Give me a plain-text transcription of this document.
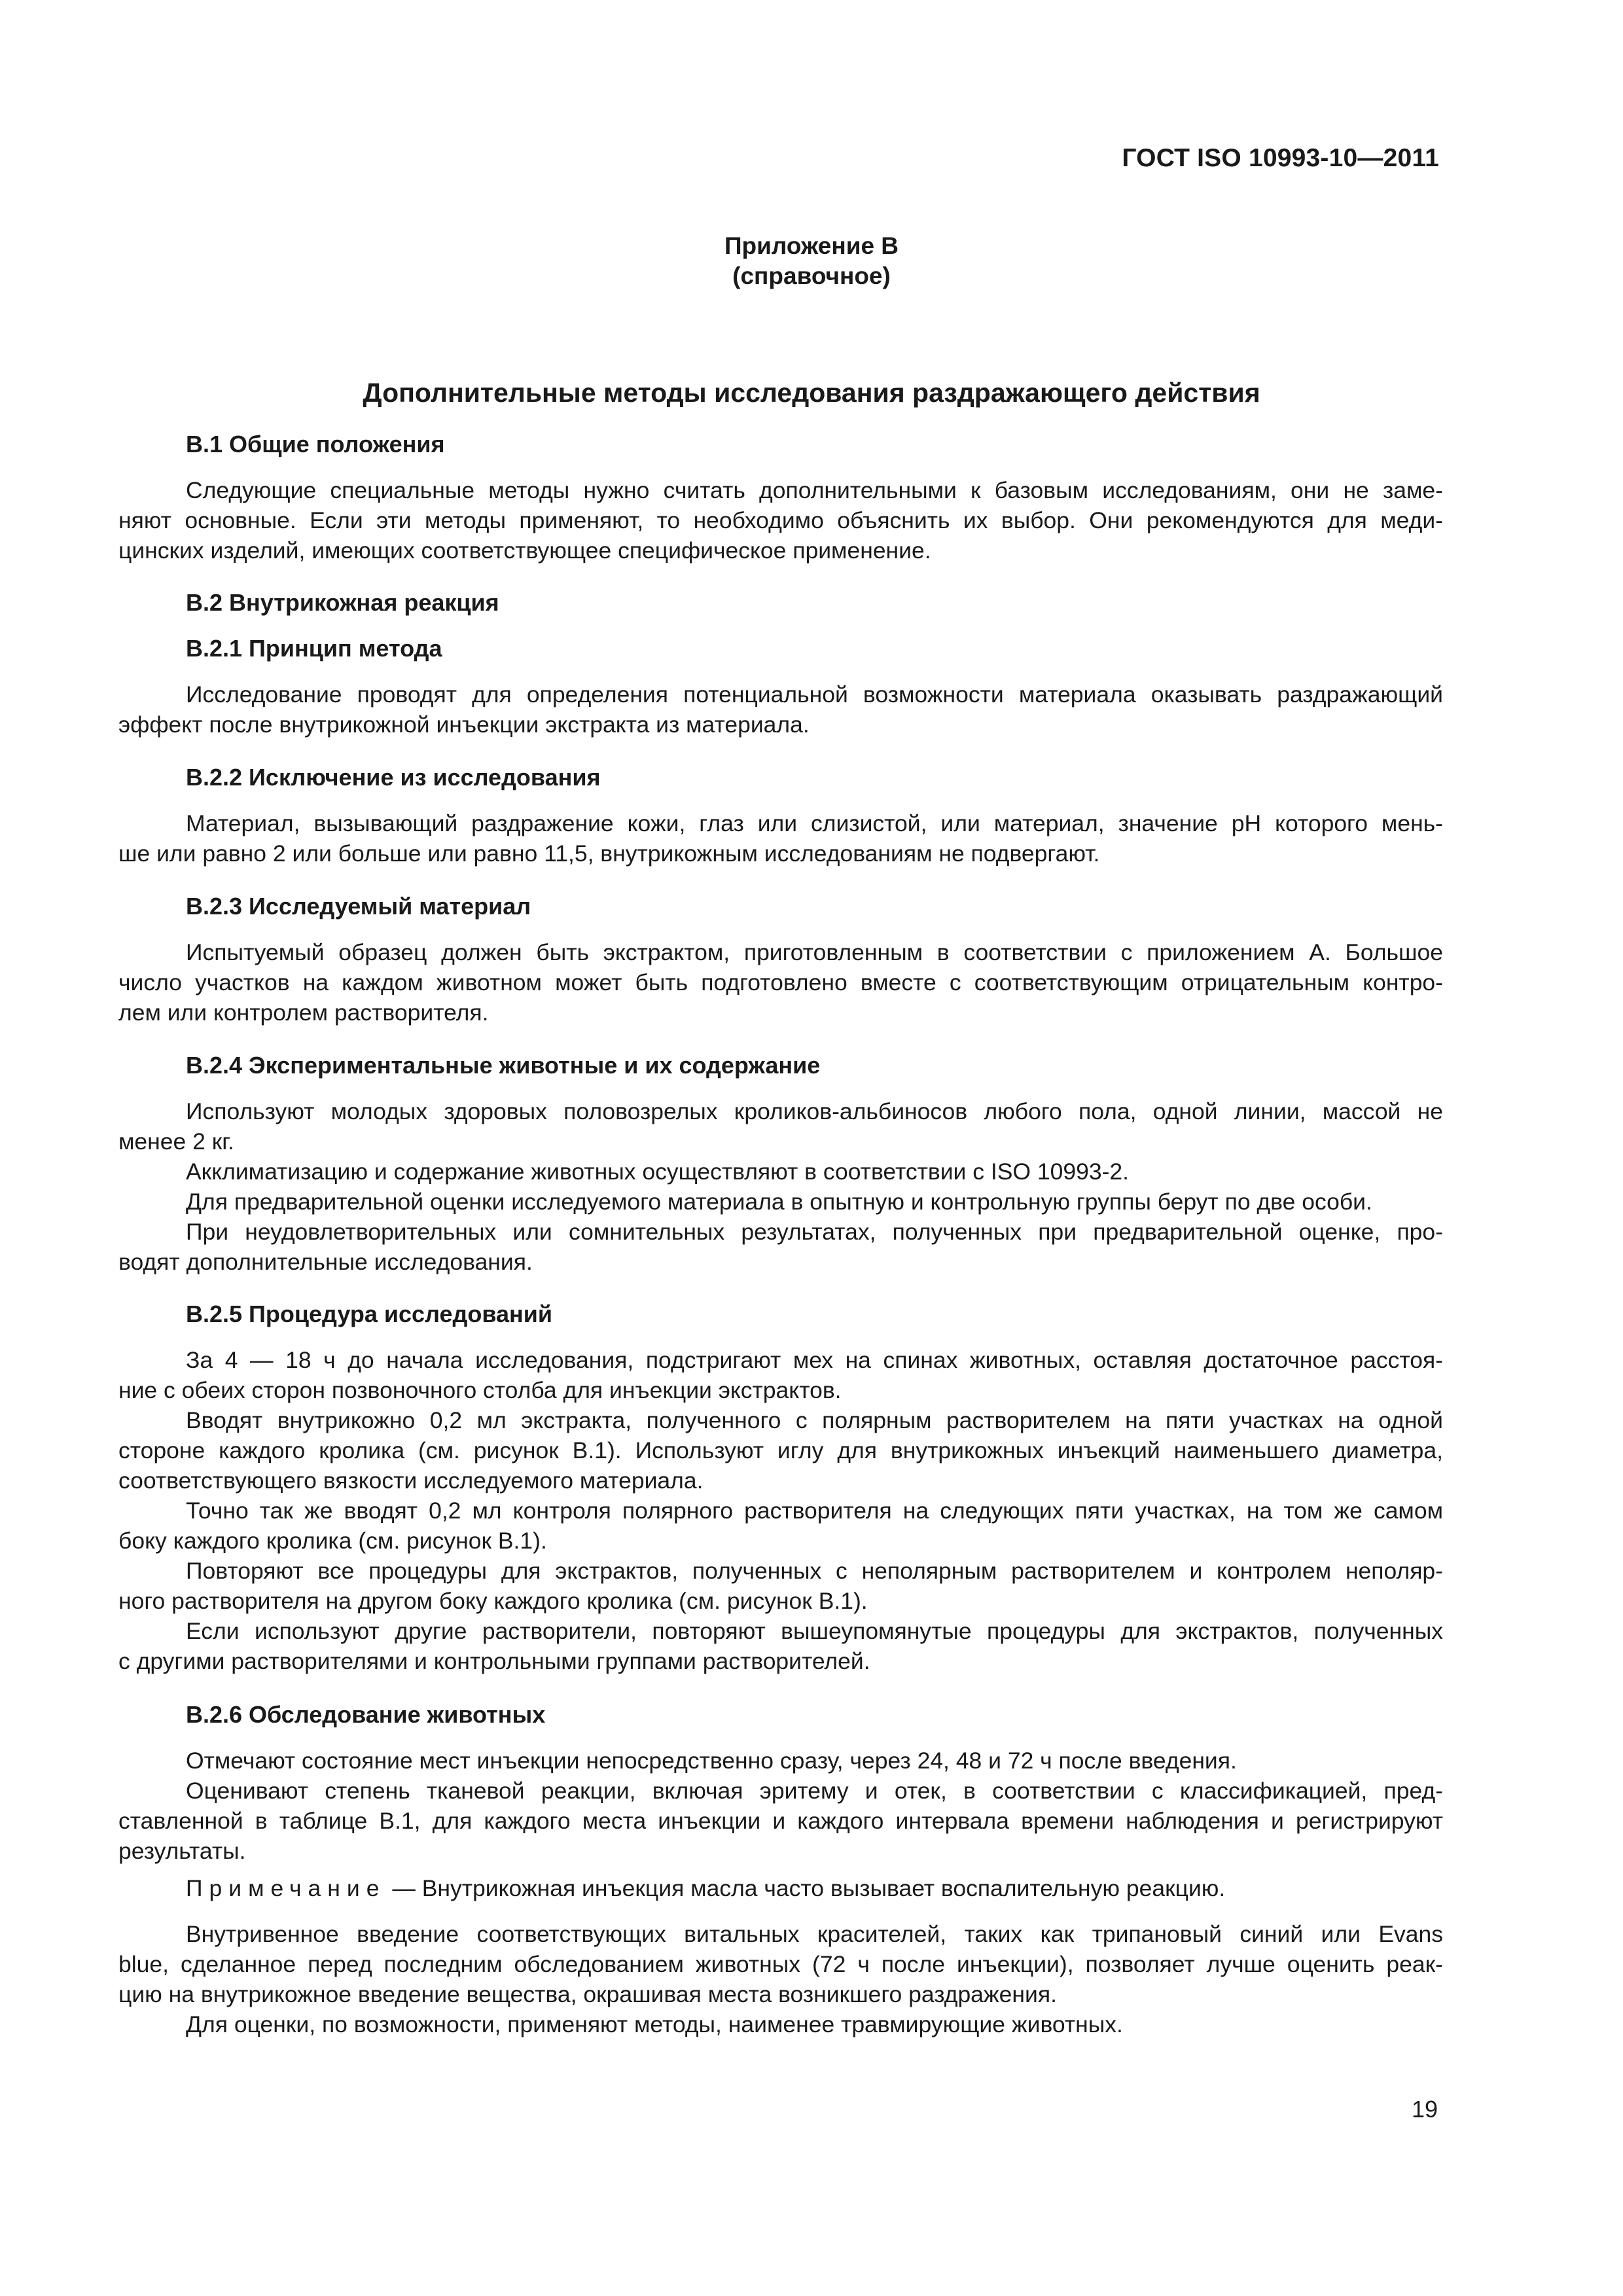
ГОСТ ISO 10993-10—2011
Приложение В
(справочное)
Дополнительные методы исследования раздражающего действия
В.1 Общие положения
Следующие специальные методы нужно считать дополнительными к базовым исследованиям, они не заме-
няют основные. Если эти методы применяют, то необходимо объяснить их выбор. Они рекомендуются для меди-
цинских изделий, имеющих соответствующее специфическое применение.
В.2 Внутрикожная реакция
В.2.1 Принцип метода
Исследование проводят для определения потенциальной возможности материала оказывать раздражающий
эффект после внутрикожной инъекции экстракта из материала.
В.2.2 Исключение из исследования
Материал, вызывающий раздражение кожи, глаз или слизистой, или материал, значение pH которого мень-
ше или равно 2 или больше или равно 11,5, внутрикожным исследованиям не подвергают.
В.2.3 Исследуемый материал
Испытуемый образец должен быть экстрактом, приготовленным в соответствии с приложением А. Большое
число участков на каждом животном может быть подготовлено вместе с соответствующим отрицательным контро-
лем или контролем растворителя.
В.2.4 Экспериментальные животные и их содержание
Используют молодых здоровых половозрелых кроликов-альбиносов любого пола, одной линии, массой не
менее 2 кг.
Акклиматизацию и содержание животных осуществляют в соответствии с ISO 10993-2.
Для предварительной оценки исследуемого материала в опытную и контрольную группы берут по две особи.
При неудовлетворительных или сомнительных результатах, полученных при предварительной оценке, про-
водят дополнительные исследования.
В.2.5 Процедура исследований
За 4 — 18 ч до начала исследования, подстригают мех на спинах животных, оставляя достаточное расстоя-
ние с обеих сторон позвоночного столба для инъекции экстрактов.
Вводят внутрикожно 0,2 мл экстракта, полученного с полярным растворителем на пяти участках на одной
стороне каждого кролика (см. рисунок В.1). Используют иглу для внутрикожных инъекций наименьшего диаметра,
соответствующего вязкости исследуемого материала.
Точно так же вводят 0,2 мл контроля полярного растворителя на следующих пяти участках, на том же самом
боку каждого кролика (см. рисунок В.1).
Повторяют все процедуры для экстрактов, полученных с неполярным растворителем и контролем неполяр-
ного растворителя на другом боку каждого кролика (см. рисунок В.1).
Если используют другие растворители, повторяют вышеупомянутые процедуры для экстрактов, полученных
с другими растворителями и контрольными группами растворителей.
В.2.6 Обследование животных
Отмечают состояние мест инъекции непосредственно сразу, через 24, 48 и 72 ч после введения.
Оценивают степень тканевой реакции, включая эритему и отек, в соответствии с классификацией, пред-
ставленной в таблице В.1, для каждого места инъекции и каждого интервала времени наблюдения и регистрируют
результаты.
Примечание — Внутрикожная инъекция масла часто вызывает воспалительную реакцию.
Внутривенное введение соответствующих витальных красителей, таких как трипановый синий или Evans
blue, сделанное перед последним обследованием животных (72 ч после инъекции), позволяет лучше оценить реак-
цию на внутрикожное введение вещества, окрашивая места возникшего раздражения.
Для оценки, по возможности, применяют методы, наименее травмирующие животных.
19
